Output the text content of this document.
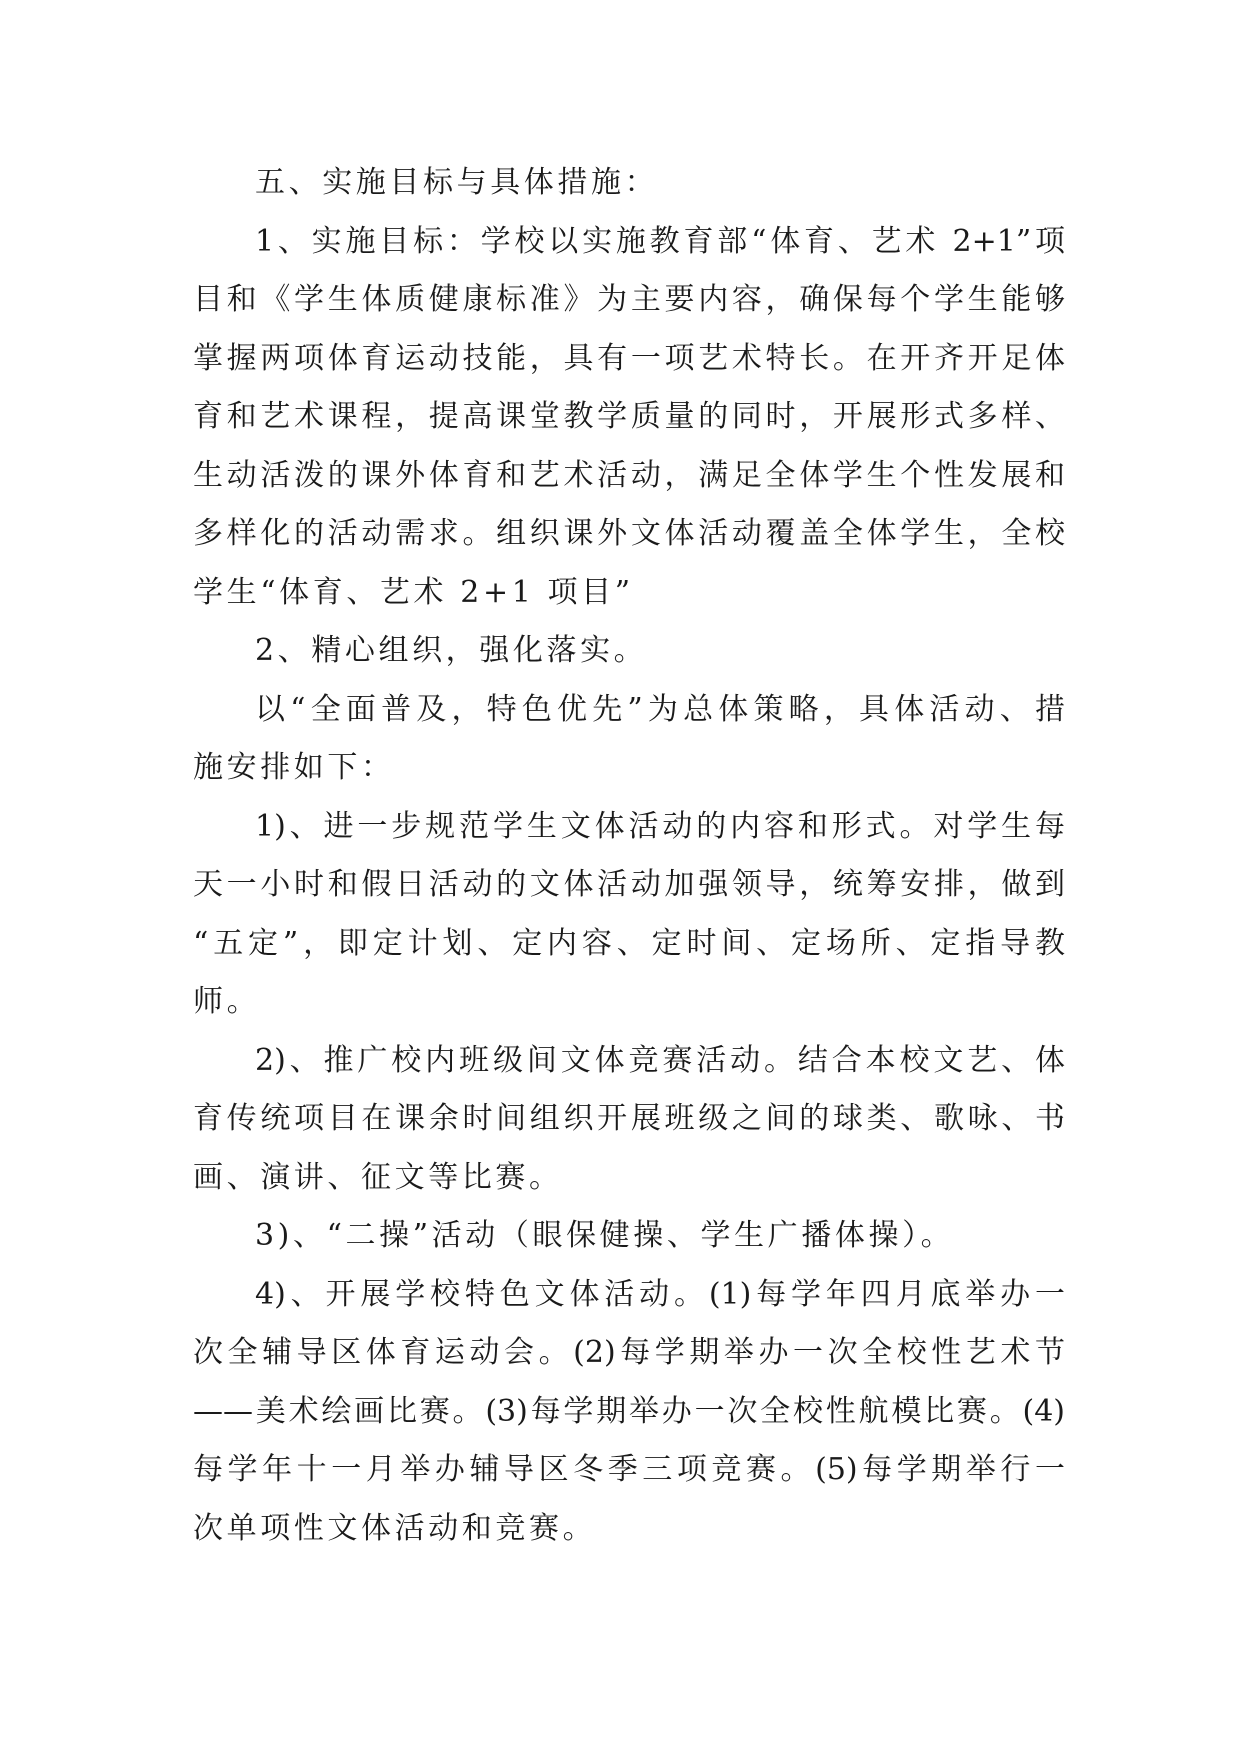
五、实施目标与具体措施：
1、实施目标：学校以实施教育部“体育、艺术 2+1”项
目和《学生体质健康标准》为主要内容，确保每个学生能够
掌握两项体育运动技能，具有一项艺术特长。在开齐开足体
育和艺术课程，提高课堂教学质量的同时，开展形式多样、
生动活泼的课外体育和艺术活动，满足全体学生个性发展和
多样化的活动需求。组织课外文体活动覆盖全体学生，全校
学生“体育、艺术 2+1 项目”
2、精心组织，强化落实。
以“全面普及，特色优先”为总体策略，具体活动、措
施安排如下：
1)、进一步规范学生文体活动的内容和形式。对学生每
天一小时和假日活动的文体活动加强领导，统筹安排，做到
“五定”，即定计划、定内容、定时间、定场所、定指导教
师。
2)、推广校内班级间文体竞赛活动。结合本校文艺、体
育传统项目在课余时间组织开展班级之间的球类、歌咏、书
画、演讲、征文等比赛。
3)、“二操”活动（眼保健操、学生广播体操）。
4)、开展学校特色文体活动。(1)每学年四月底举办一
次全辅导区体育运动会。(2)每学期举办一次全校性艺术节
——美术绘画比赛。(3)每学期举办一次全校性航模比赛。(4)
每学年十一月举办辅导区冬季三项竞赛。(5)每学期举行一
次单项性文体活动和竞赛。
